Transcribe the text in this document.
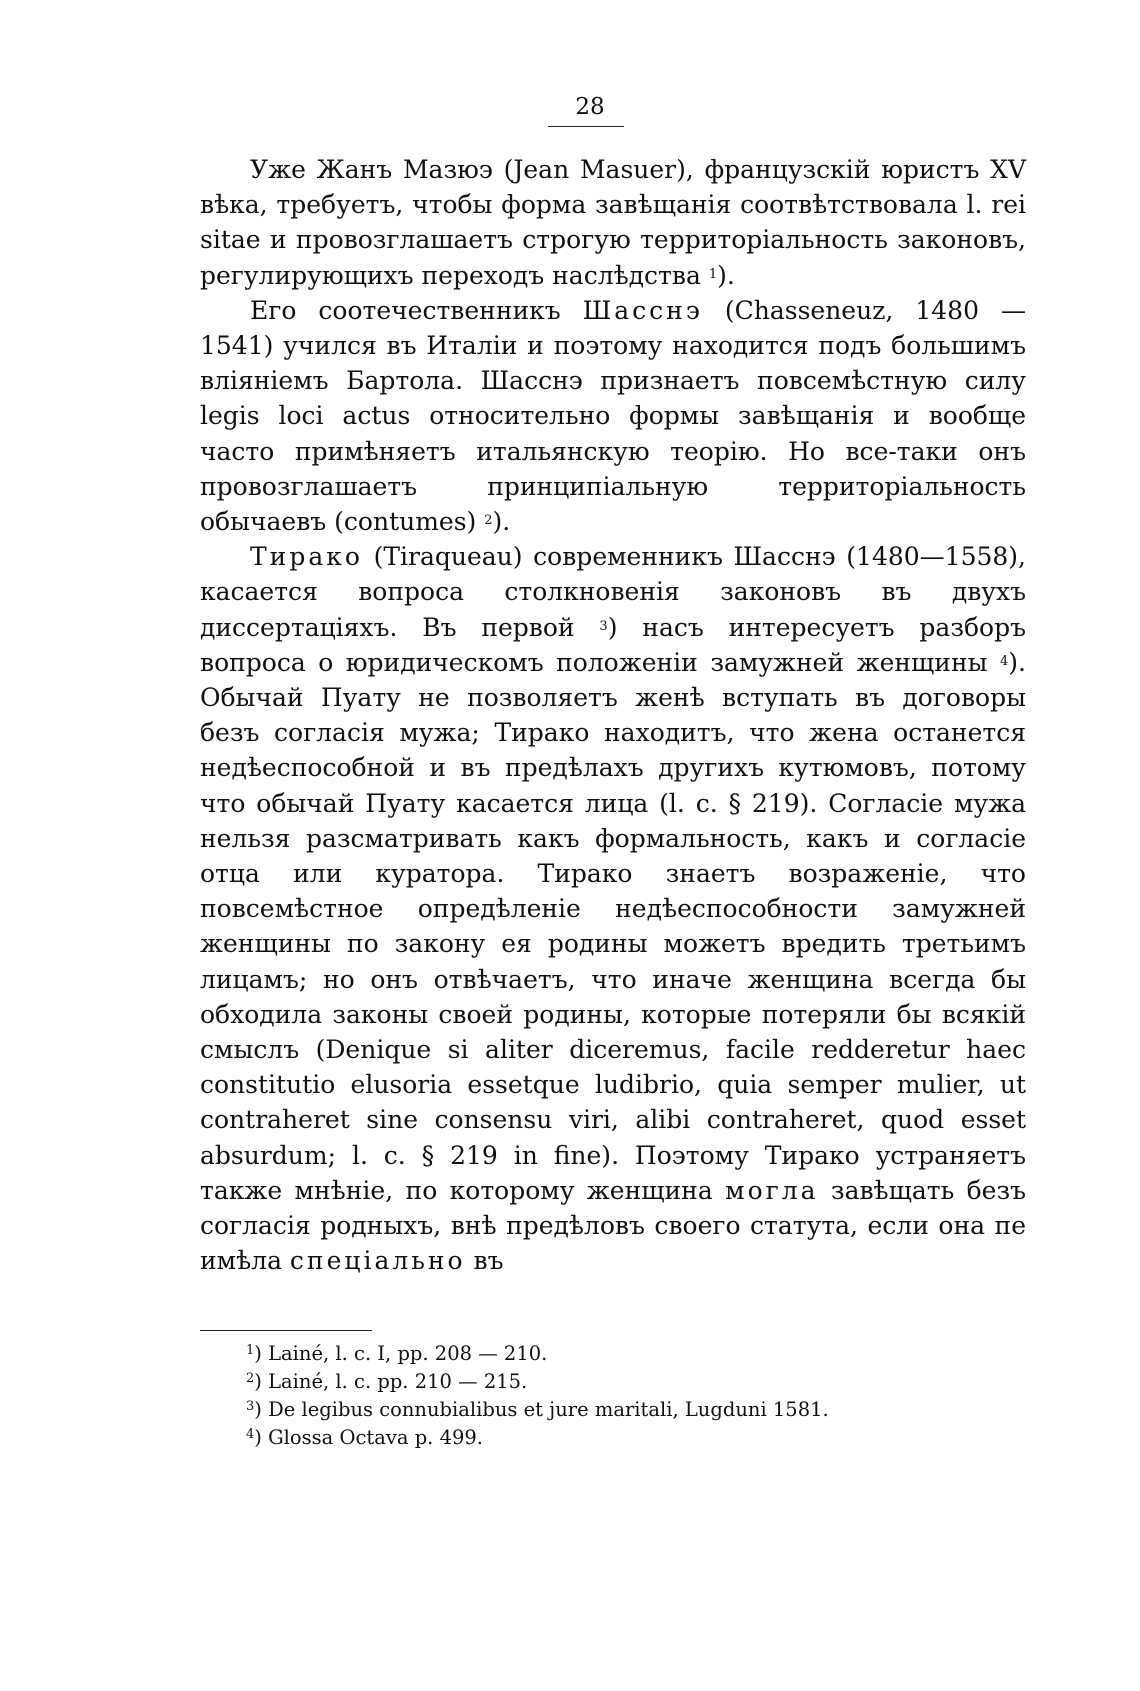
28

Уже Жанъ Мазюэ (Jean Masuer), французскій юристъ XV вѣка, требуетъ, чтобы форма завѣщанія соотвѣтствовала l. rei sitae и провозглашаетъ строгую территоріальность законовъ, регулирующихъ переходъ наслѣдства $^1$).

Его соотечественникъ Шасснэ (Chasseneuz, 1480 — 1541) учился въ Италіи и поэтому находится подъ большимъ вліяніемъ Бартола. Шасснэ признаетъ повсемѣстную силу legis loci actus относительно формы завѣщанія и вообще часто примѣняетъ итальянскую теорію. Но все-таки онъ провозглашаетъ принципіальную территоріальность обычаевъ (contumes) $^2$).

Тирако (Tiraqueau) современникъ Шасснэ (1480—1558), касается вопроса столкновенія законовъ въ двухъ диссертаціяхъ. Въ первой $^3$) насъ интересуетъ разборъ вопроса о юридическомъ положеніи замужней женщины $^4$). Обычай Пуату не позволяетъ женѣ вступать въ договоры безъ согласія мужа; Тирако находитъ, что жена останется недѣеспособной и въ предѣлахъ другихъ кутюмовъ, потому что обычай Пуату касается лица (l. c. § 219). Согласіе мужа нельзя разсматривать какъ формальность, какъ и согласіе отца или куратора. Тирако знаетъ возраженіе, что повсемѣстное опредѣленіе недѣеспособности замужней женщины по закону ея родины можетъ вредить третьимъ лицамъ; но онъ отвѣчаетъ, что иначе женщина всегда бы обходила законы своей родины, которые потеряли бы всякій смыслъ (Denique si aliter diceremus, facile redderetur haec constitutio elusoria essetque ludibrio, quia semper mulier, ut contraheret sine consensu viri, alibi contraheret, quod esset absurdum; l. c. § 219 in fine). Поэтому Тирако устраняетъ также мнѣніе, по которому женщина могла завѣщать безъ согласія родныхъ, внѣ предѣловъ своего статута, если она пе имѣла спеціально въ

$^1$) Lainé, l. c. I, pp. 208 — 210.
$^2$) Lainé, l. c. pp. 210 — 215.
$^3$) De legibus connubialibus et jure maritali, Lugduni 1581.
$^4$) Glossa Octava p. 499.
